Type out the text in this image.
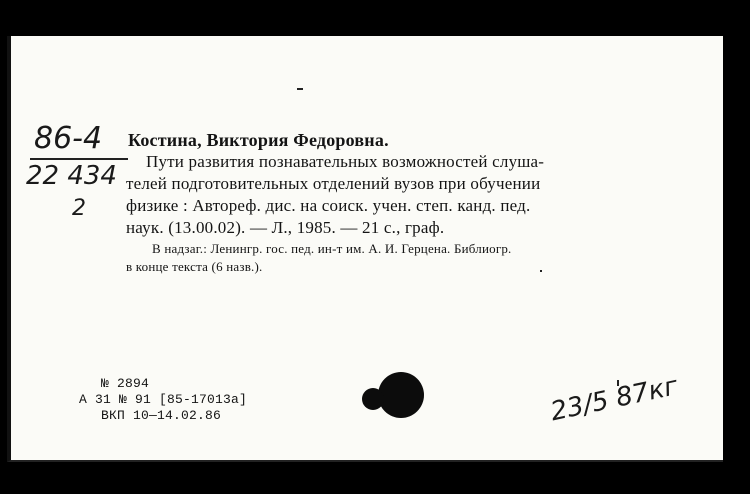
86-4
22 434
2
Костина, Виктория Федоровна.
Пути развития познавательных возможностей слуша-
телей подготовительных отделений вузов при обучении
физике : Автореф. дис. на соиск. учен. степ. канд. пед.
наук. (13.00.02). — Л., 1985. — 21 с., граф.
В надзаг.: Ленингр. гос. пед. ин-т им. А. И. Герцена. Библиогр.
в конце текста (6 назв.).
№ 2894
А 31 № 91 [85-17013а]
ВКП 10—14.02.86	23/5 87кг
